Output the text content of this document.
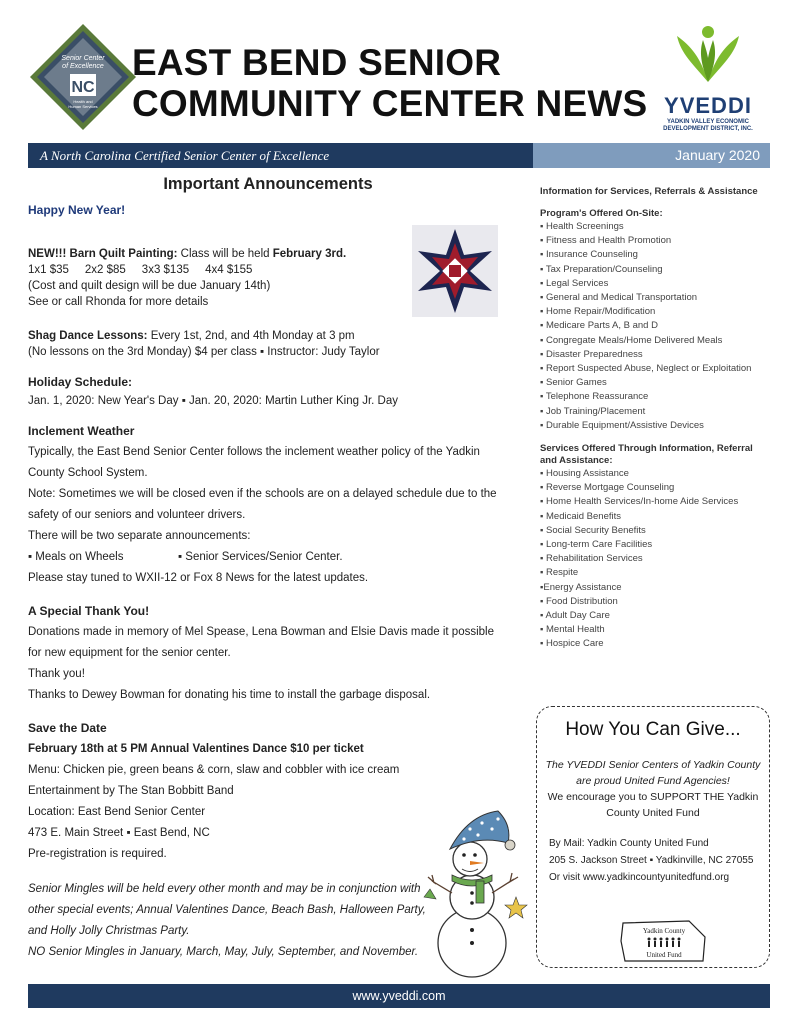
Senior Center
of Excellence
NC
Health and
Human Services
EAST BEND SENIOR
COMMUNITY CENTER NEWS YVEDDI
YADKIN VALLEY ECONOMIC
DEVELOPMENT DISTRICT, INC.
A North Carolina Certified Senior Center of Excellence	January 2020
Important Announcements
Happy New Year!

NEW!!! Barn Quilt Painting: Class will be held February 3rd.

1x1 $35     2x2 $85     3x3 $135     4x4 $155

(Cost and quilt design will be due January 14th)

See or call Rhonda for more details

Shag Dance Lessons: Every 1st, 2nd, and 4th Monday at 3 pm

(No lessons on the 3rd Monday) $4 per class ▪ Instructor: Judy Taylor

Holiday Schedule:

Jan. 1, 2020: New Year's Day ▪ Jan. 20, 2020: Martin Luther King Jr. Day

Inclement Weather

Typically, the East Bend Senior Center follows the inclement weather policy of the Yadkin County School System.

Note: Sometimes we will be closed even if the schools are on a delayed schedule due to the safety of our seniors and volunteer drivers.

There will be two separate announcements:

▪ Meals on Wheels	▪ Senior Services/Senior Center.

Please stay tuned to WXII-12 or Fox 8 News for the latest updates.

A Special Thank You!

Donations made in memory of Mel Spease, Lena Bowman and Elsie Davis made it possible for new equipment for the senior center.

Thank you!

Thanks to Dewey Bowman for donating his time to install the garbage disposal.

Save the Date

February 18th at 5 PM Annual Valentines Dance $10 per ticket

Menu: Chicken pie, green beans & corn, slaw and cobbler with ice cream

Entertainment by The Stan Bobbitt Band

Location: East Bend Senior Center

473 E. Main Street ▪ East Bend, NC

Pre-registration is required.

Senior Mingles will be held every other month and may be in conjunction with other special events; Annual Valentines Dance, Beach Bash, Halloween Party, and Holly Jolly Christmas Party.

NO Senior Mingles in January, March, May, July, September, and November.

Information for Services, Referrals & Assistance
Program's Offered On-Site:
▪ Health Screenings
▪ Fitness and Health Promotion
▪ Insurance Counseling
▪ Tax Preparation/Counseling
▪ Legal Services
▪ General and Medical Transportation
▪ Home Repair/Modification
▪ Medicare Parts A, B and D
▪ Congregate Meals/Home Delivered Meals
▪ Disaster Preparedness
▪ Report Suspected Abuse, Neglect or Exploitation
▪ Senior Games
▪ Telephone Reassurance
▪ Job Training/Placement
▪ Durable Equipment/Assistive Devices
Services Offered Through Information, Referral and Assistance:
▪ Housing Assistance
▪ Reverse Mortgage Counseling
▪ Home Health Services/In-home Aide Services
▪ Medicaid Benefits
▪ Social Security Benefits
▪ Long-term Care Facilities
▪ Rehabilitation Services
▪ Respite
▪Energy Assistance
▪ Food Distribution
▪ Adult Day Care
▪ Mental Health
▪ Hospice Care
How You Can Give...
The YVEDDI Senior Centers of Yadkin County are proud United Fund Agencies!
We encourage you to SUPPORT THE Yadkin County United Fund
By Mail: Yadkin County United Fund
205 S. Jackson Street ▪ Yadkinville, NC 27055
Or visit www.yadkincountyunitedfund.org
Yadkin County
United Fund
www.yveddi.com
